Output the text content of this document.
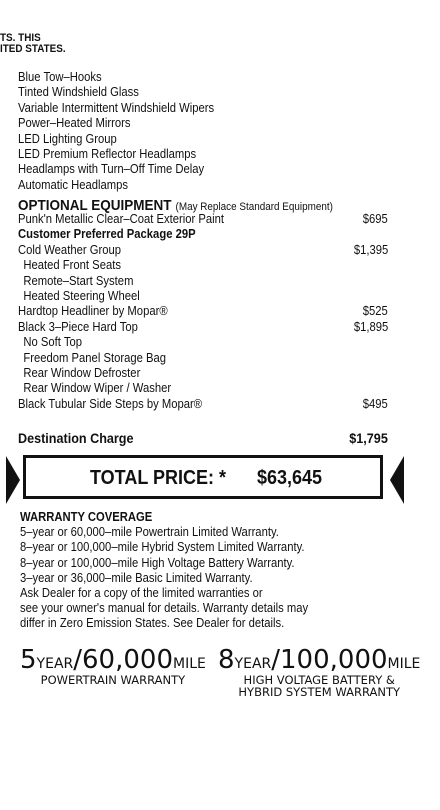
TS. THIS
ITED STATES.
Blue Tow–Hooks
Tinted Windshield Glass
Variable Intermittent Windshield Wipers
Power–Heated Mirrors
LED Lighting Group
LED Premium Reflector Headlamps
Headlamps with Turn–Off Time Delay
Automatic Headlamps
OPTIONAL EQUIPMENT (May Replace Standard Equipment)
Punk'n Metallic Clear–Coat Exterior Paint	$695
Customer Preferred Package 29P
Cold Weather Group	$1,395
Heated Front Seats
Remote–Start System
Heated Steering Wheel
Hardtop Headliner by Mopar®	$525
Black 3–Piece Hard Top	$1,895
No Soft Top
Freedom Panel Storage Bag
Rear Window Defroster
Rear Window Wiper / Washer
Black Tubular Side Steps by Mopar®	$495
Destination Charge	$1,795
TOTAL PRICE: * $63,645
WARRANTY COVERAGE
5–year or 60,000–mile Powertrain Limited Warranty.
8–year or 100,000–mile Hybrid System Limited Warranty.
8–year or 100,000–mile High Voltage Battery Warranty.
3–year or 36,000–mile Basic Limited Warranty.
Ask Dealer for a copy of the limited warranties or
see your owner's manual for details. Warranty details may
differ in Zero Emission States. See Dealer for details.
5YEAR/60,000MILE
POWERTRAIN WARRANTY
8YEAR/100,000MILE
HIGH VOLTAGE BATTERY &
HYBRID SYSTEM WARRANTY
